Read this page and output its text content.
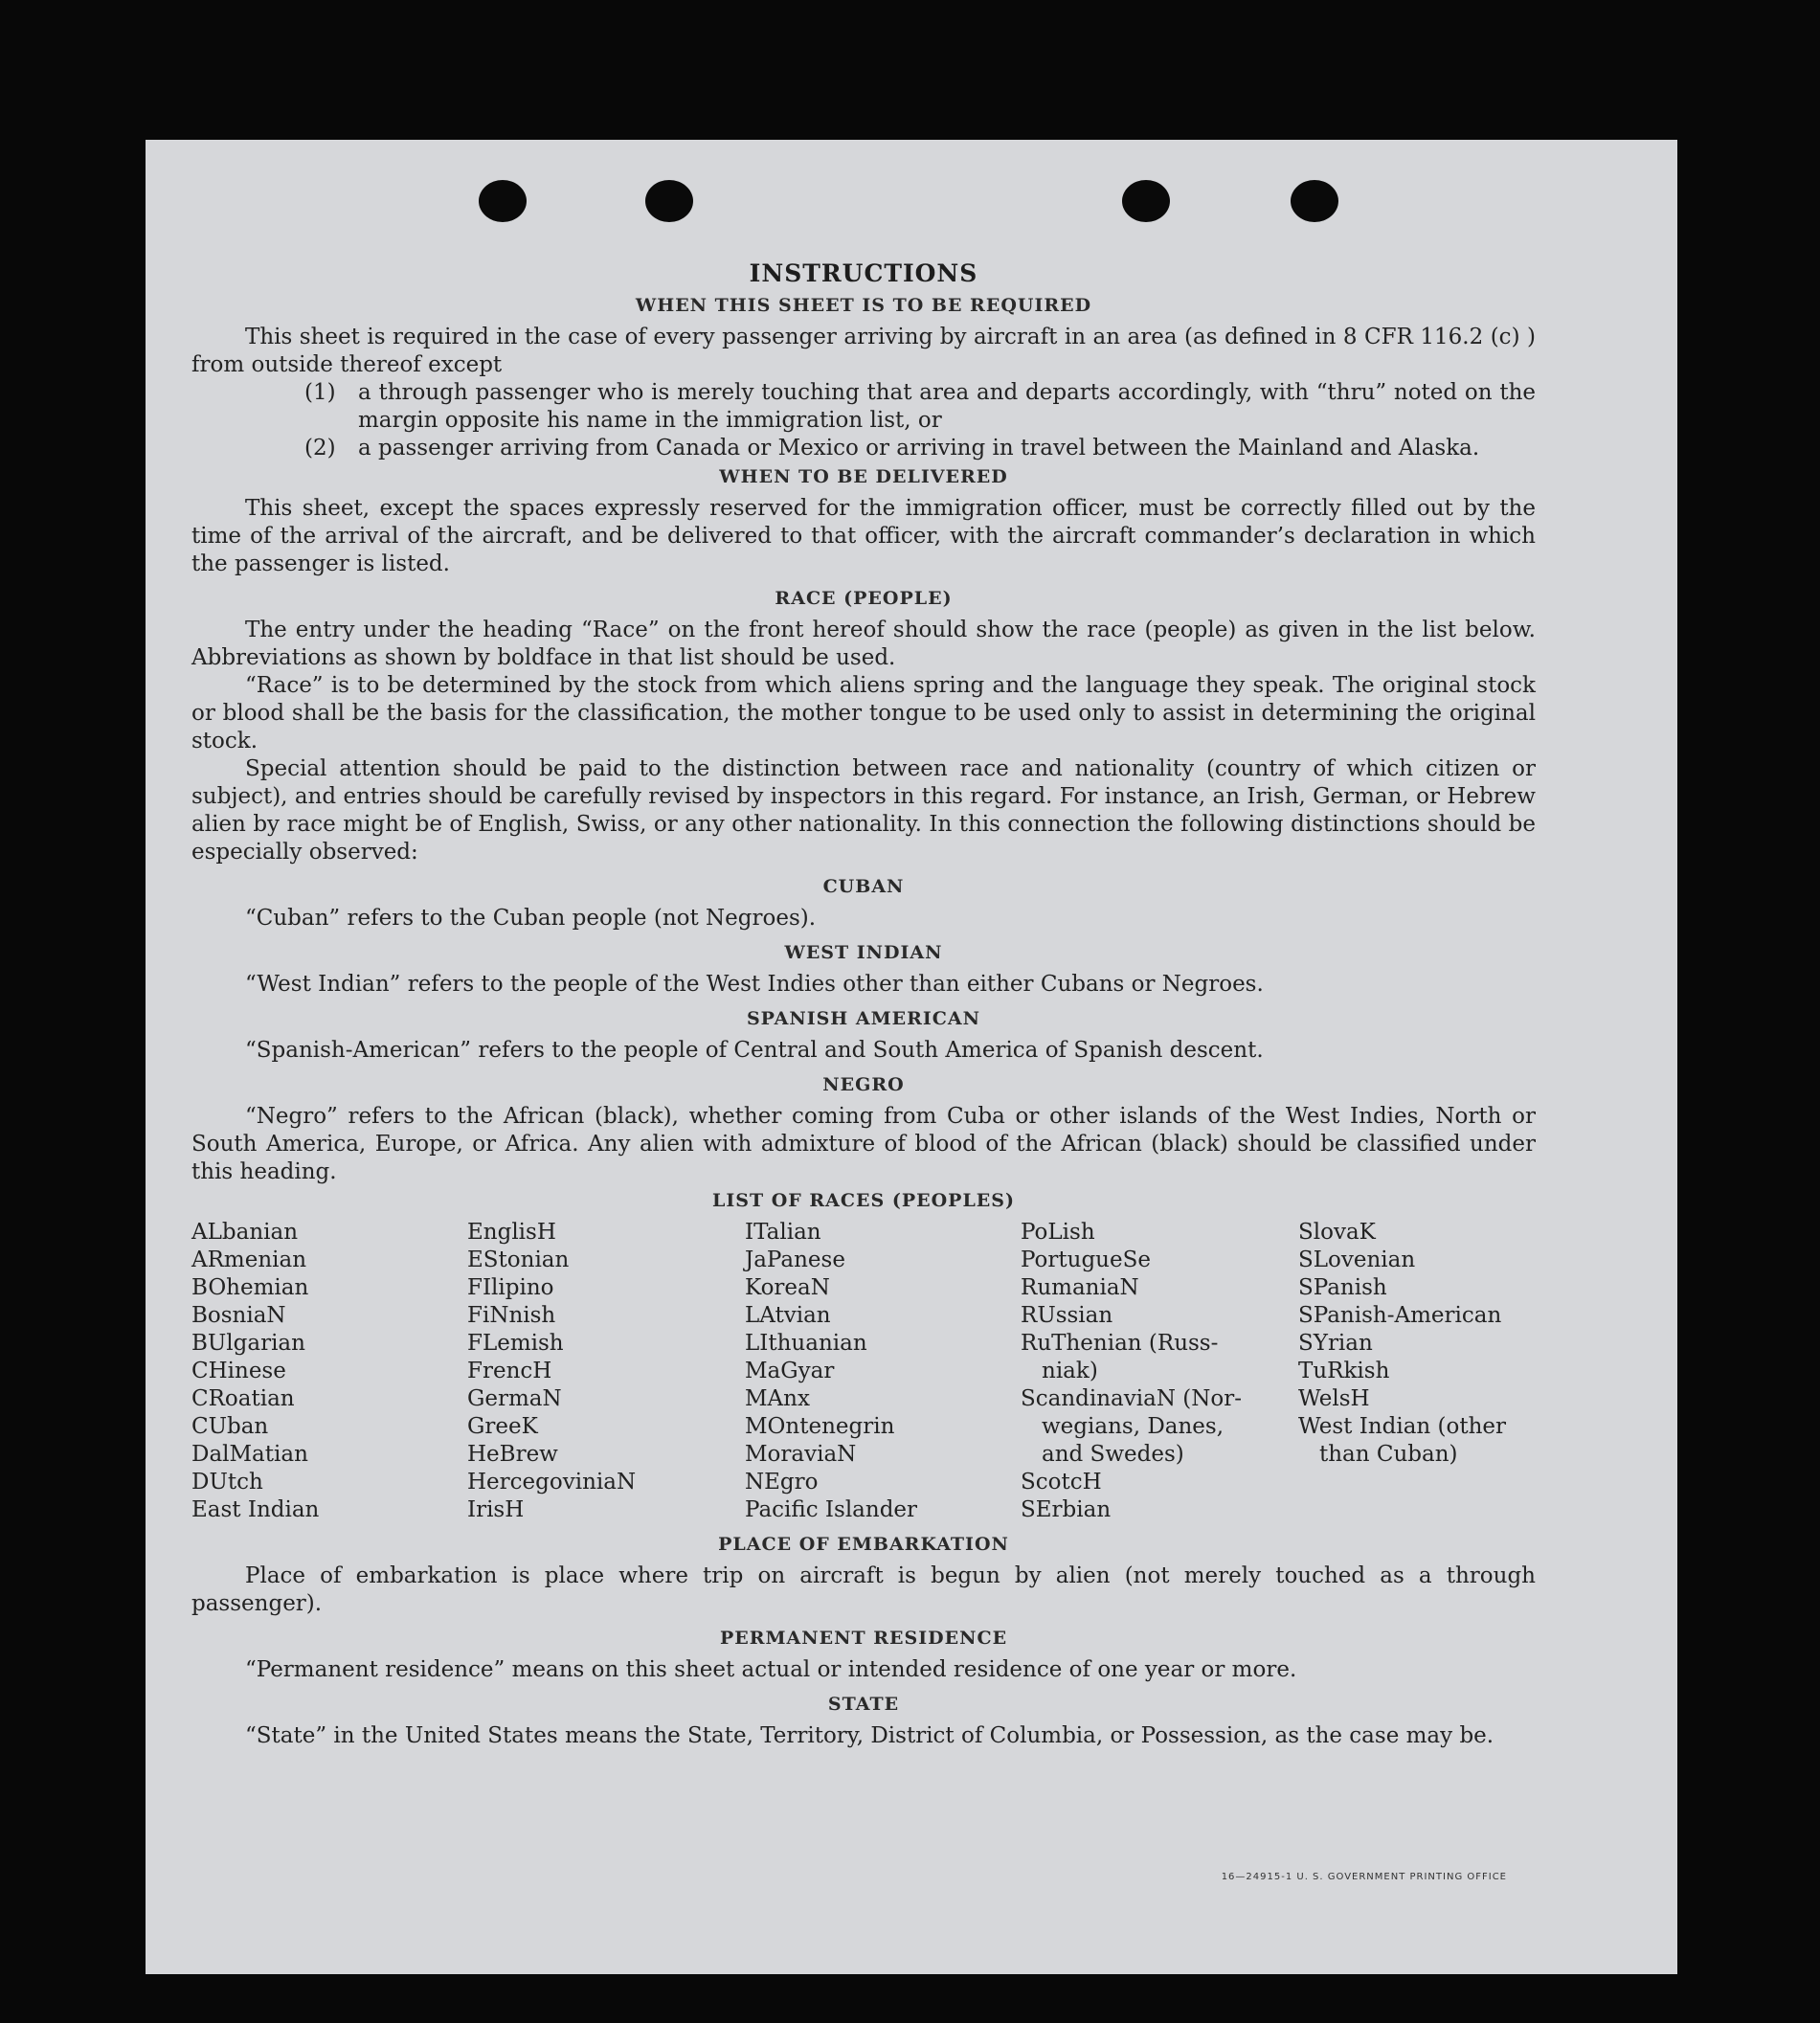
INSTRUCTIONS
WHEN THIS SHEET IS TO BE REQUIRED

This sheet is required in the case of every passenger arriving by aircraft in an area (as defined in 8 CFR 116.2 (c) ) from outside thereof except

(1)	a through passenger who is merely touching that area and departs accordingly, with “thru” noted on the margin opposite his name in the immigration list, or
(2)	a passenger arriving from Canada or Mexico or arriving in travel between the Mainland and Alaska.
WHEN TO BE DELIVERED

This sheet, except the spaces expressly reserved for the immigration officer, must be correctly filled out by the time of the arrival of the aircraft, and be delivered to that officer, with the aircraft commander’s declaration in which the passenger is listed.

RACE (PEOPLE)

The entry under the heading “Race” on the front hereof should show the race (people) as given in the list below. Abbreviations as shown by boldface in that list should be used.

“Race” is to be determined by the stock from which aliens spring and the language they speak. The original stock or blood shall be the basis for the classification, the mother tongue to be used only to assist in determining the original stock.

Special attention should be paid to the distinction between race and nationality (country of which citizen or subject), and entries should be carefully revised by inspectors in this regard. For instance, an Irish, German, or Hebrew alien by race might be of English, Swiss, or any other nationality. In this connection the following distinctions should be especially observed:

CUBAN

“Cuban” refers to the Cuban people (not Negroes).

WEST INDIAN

“West Indian” refers to the people of the West Indies other than either Cubans or Negroes.

SPANISH AMERICAN

“Spanish-American” refers to the people of Central and South America of Spanish descent.

NEGRO

“Negro” refers to the African (black), whether coming from Cuba or other islands of the West Indies, North or South America, Europe, or Africa. Any alien with admixture of blood of the African (black) should be classified under this heading.

LIST OF RACES (PEOPLES)
ALbanian
ARmenian
BOhemian
BosniaN
BUlgarian
CHinese
CRoatian
CUban
DalMatian
DUtch
East Indian
EnglisH
EStonian
FIlipino
FiNnish
FLemish
FrencH
GermaN
GreeK
HeBrew
HercegoviniaN
IrisH
ITalian
JaPanese
KoreaN
LAtvian
LIthuanian
MaGyar
MAnx
MOntenegrin
MoraviaN
NEgro
Pacific Islander
PoLish
PortugueSe
RumaniaN
RUssian
RuThenian (Russ-
niak)
ScandinaviaN (Nor-
wegians, Danes,
and Swedes)
ScotcH
SErbian
SlovaK
SLovenian
SPanish
SPanish-American
SYrian
TuRkish
WelsH
West Indian (other
than Cuban)
PLACE OF EMBARKATION

Place of embarkation is place where trip on aircraft is begun by alien (not merely touched as a through passenger).

PERMANENT RESIDENCE

“Permanent residence” means on this sheet actual or intended residence of one year or more.

STATE

“State” in the United States means the State, Territory, District of Columbia, or Possession, as the case may be.

16—24915-1 U. S. GOVERNMENT PRINTING OFFICE
